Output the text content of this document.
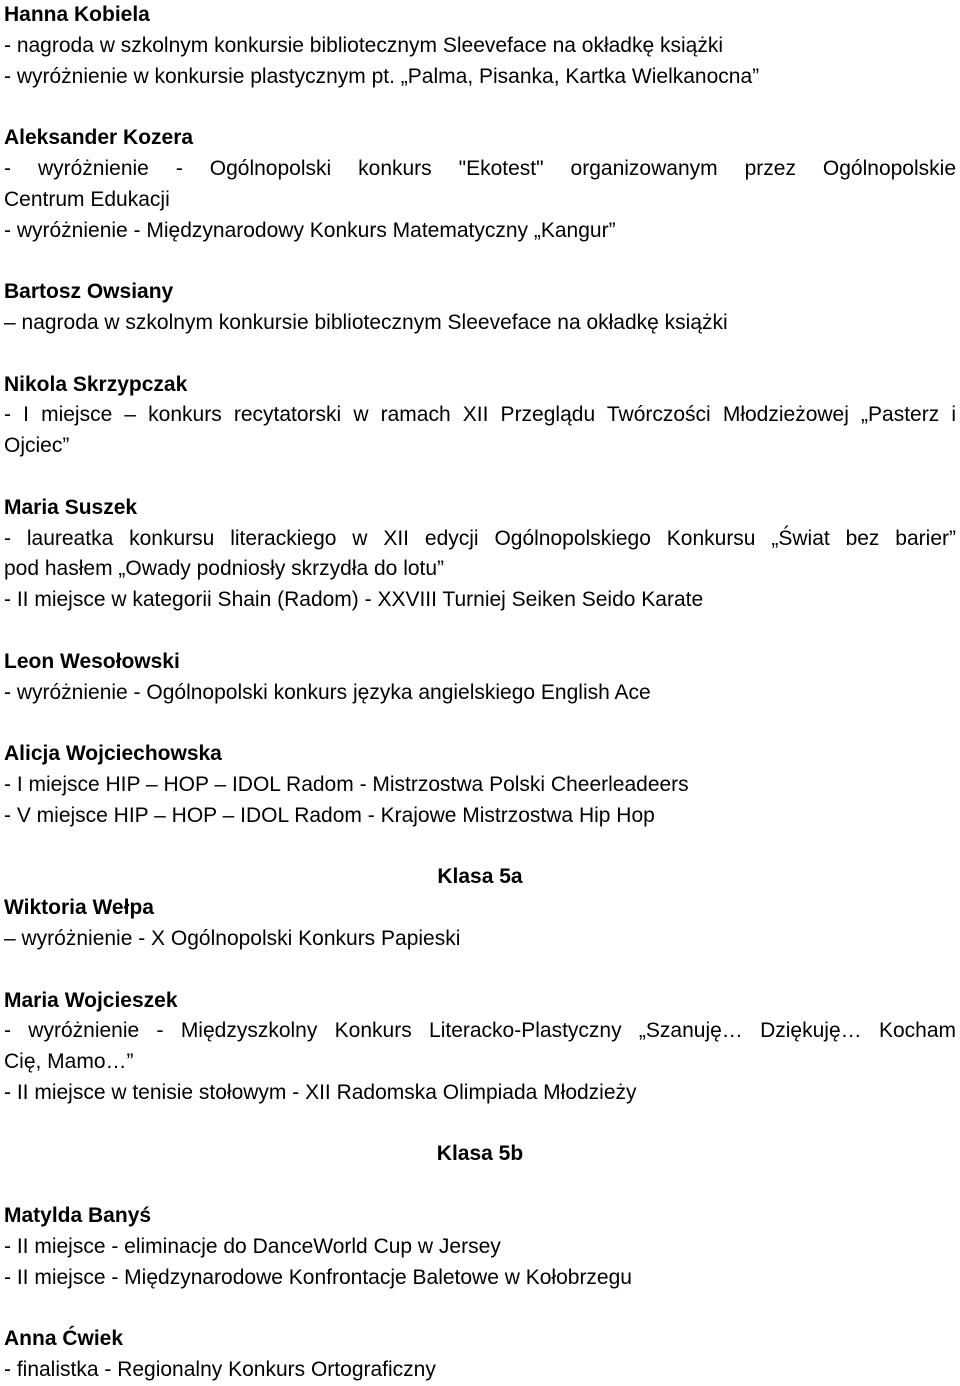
Hanna Kobiela
- nagroda w szkolnym konkursie bibliotecznym Sleeveface na okładkę książki
- wyróżnienie w konkursie plastycznym pt. „Palma, Pisanka, Kartka Wielkanocna”
Aleksander Kozera
- wyróżnienie - Ogólnopolski konkurs "Ekotest" organizowanym przez Ogólnopolskie
Centrum Edukacji
- wyróżnienie - Międzynarodowy Konkurs Matematyczny „Kangur”
Bartosz Owsiany
– nagroda w szkolnym konkursie bibliotecznym Sleeveface na okładkę książki
Nikola Skrzypczak
- I miejsce – konkurs recytatorski w ramach XII Przeglądu Twórczości Młodzieżowej „Pasterz i
Ojciec”
Maria Suszek
- laureatka konkursu literackiego w XII edycji Ogólnopolskiego Konkursu „Świat bez barier”
pod hasłem „Owady podniosły skrzydła do lotu”
- II miejsce w kategorii Shain (Radom) - XXVIII Turniej Seiken Seido Karate
Leon Wesołowski
- wyróżnienie - Ogólnopolski konkurs języka angielskiego English Ace
Alicja Wojciechowska
- I miejsce HIP – HOP – IDOL Radom - Mistrzostwa Polski Cheerleadeers
- V miejsce HIP – HOP – IDOL Radom - Krajowe Mistrzostwa Hip Hop
Klasa 5a
Wiktoria Wełpa
– wyróżnienie - X Ogólnopolski Konkurs Papieski
Maria Wojcieszek
- wyróżnienie - Międzyszkolny Konkurs Literacko-Plastyczny „Szanuję… Dziękuję… Kocham
Cię, Mamo…”
- II miejsce w tenisie stołowym - XII Radomska Olimpiada Młodzieży
Klasa 5b
Matylda Banyś
- II miejsce - eliminacje do DanceWorld Cup w Jersey
- II miejsce - Międzynarodowe Konfrontacje Baletowe w Kołobrzegu
Anna Ćwiek
- finalistka - Regionalny Konkurs Ortograficzny
